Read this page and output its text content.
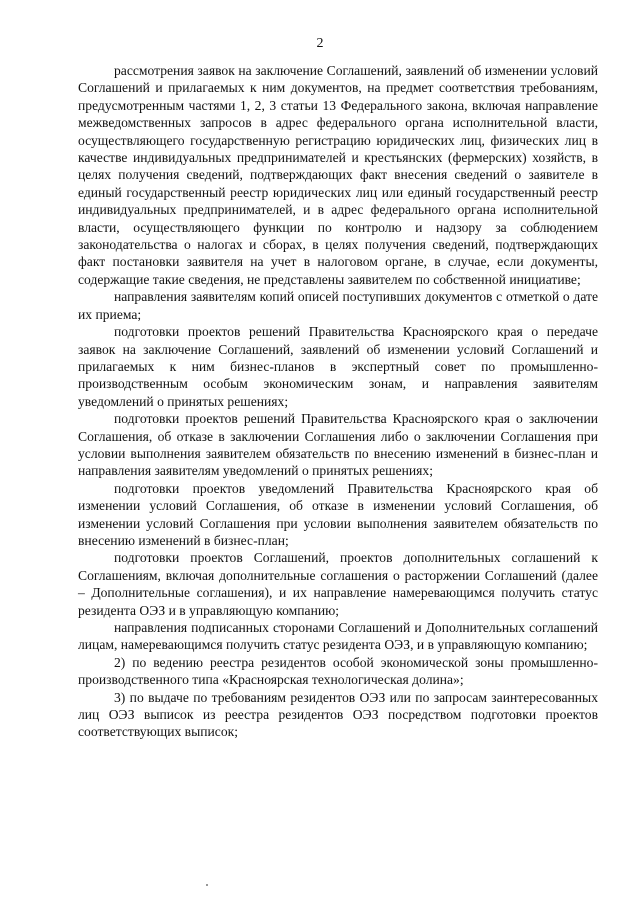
2

рассмотрения заявок на заключение Соглашений, заявлений об изменении условий Соглашений и прилагаемых к ним документов, на предмет соответствия требованиям, предусмотренным частями 1, 2, 3 статьи 13 Федерального закона, включая направление межведомственных запросов в адрес федерального органа исполнительной власти, осуществляющего государственную регистрацию юридических лиц, физических лиц в качестве индивидуальных предпринимателей и крестьянских (фермерских) хозяйств, в целях получения сведений, подтверждающих факт внесения сведений о заявителе в единый государственный реестр юридических лиц или единый государственный реестр индивидуальных предпринимателей, и в адрес федерального органа исполнительной власти, осуществляющего функции по контролю и надзору за соблюдением законодательства о налогах и сборах, в целях получения сведений, подтверждающих факт постановки заявителя на учет в налоговом органе, в случае, если документы, содержащие такие сведения, не представлены заявителем по собственной инициативе;

направления заявителям копий описей поступивших документов с отметкой о дате их приема;

подготовки проектов решений Правительства Красноярского края о передаче заявок на заключение Соглашений, заявлений об изменении условий Соглашений и прилагаемых к ним бизнес-планов в экспертный совет по промышленно-производственным особым экономическим зонам, и направления заявителям уведомлений о принятых решениях;

подготовки проектов решений Правительства Красноярского края о заключении Соглашения, об отказе в заключении Соглашения либо о заключении Соглашения при условии выполнения заявителем обязательств по внесению изменений в бизнес-план и направления заявителям уведомлений о принятых решениях;

подготовки проектов уведомлений Правительства Красноярского края об изменении условий Соглашения, об отказе в изменении условий Соглашения, об изменении условий Соглашения при условии выполнения заявителем обязательств по внесению изменений в бизнес-план;

подготовки проектов Соглашений, проектов дополнительных соглашений к Соглашениям, включая дополнительные соглашения о расторжении Соглашений (далее – Дополнительные соглашения), и их направление намеревающимся получить статус резидента ОЭЗ и в управляющую компанию;

направления подписанных сторонами Соглашений и Дополнительных соглашений лицам, намеревающимся получить статус резидента ОЭЗ, и в управляющую компанию;

2) по ведению реестра резидентов особой экономической зоны промышленно-производственного типа «Красноярская технологическая долина»;

3) по выдаче по требованиям резидентов ОЭЗ или по запросам заинтересованных лиц ОЭЗ выписок из реестра резидентов ОЭЗ посредством подготовки проектов соответствующих выписок;
